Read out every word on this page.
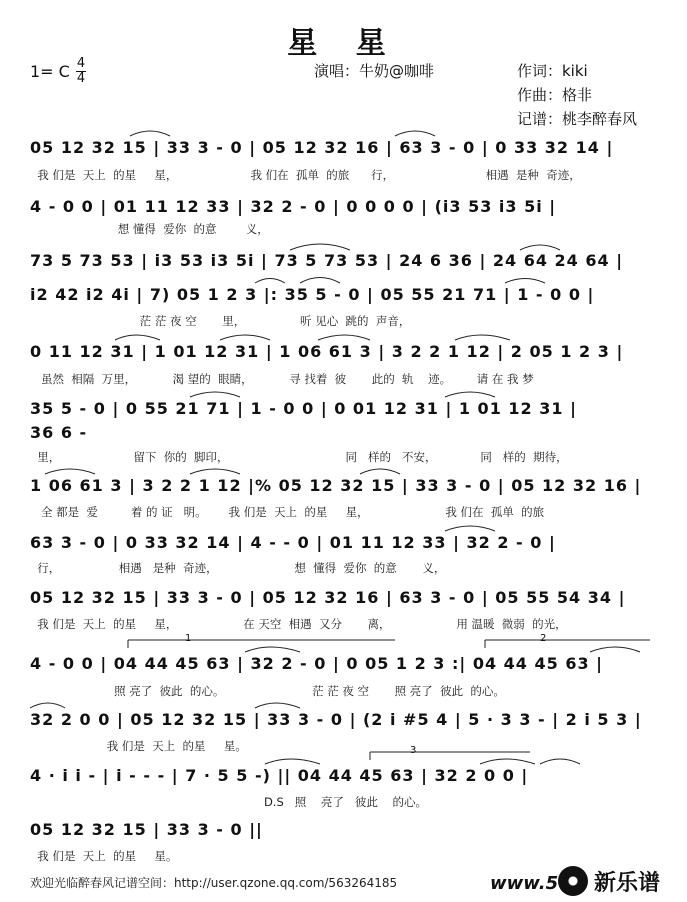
星 星
1= C 4
4	演唱：牛奶@咖啡	作词：kiki
作曲：格非
记谱：桃李醉春风
05 12 32 15 | 33 3 - 0 | 05 12 32 16 | 63 3 - 0 | 0 33 32 14 |
我 们是  天上  的星     星，                    我 们在  孤单  的旅      行，                         相遇  是种  奇迹，
4 - 0 0 | 01 11 12 33 | 32 2 - 0 | 0 0 0 0 | (i3 53 i3 5i |
想 懂得  爱你  的意        义，
73 5 73 53 | i3 53 i3 5i | 73 5 73 53 | 24 6 36 | 24 64 24 64 |
i2 42 i2 4i | 7) 05 1 2 3 |: 35 5 - 0 | 05 55 21 71 | 1 - 0 0 |
茫 茫 夜 空       里，               听 见心  跳的  声音，
0 11 12 31 | 1 01 12 31 | 1 06 61 3 | 3 2 2 1 12 | 2 05 1 2 3 |
虽然  相隔  万里，          渴 望的  眼睛，          寻 找着  彼       此的  轨    迹。       请 在 我 梦
35 5 - 0 | 0 55 21 71 | 1 - 0 0 | 0 01 12 31 | 1 01 12 31 |
36 6 -
里，                    留下  你的  脚印，                                同   样的   不安，            同   样的  期待，
1 06 61 3 | 3 2 2 1 12 |% 05 12 32 15 | 33 3 - 0 | 05 12 32 16 |
全 都是  爱         着 的 证   明。      我 们是  天上  的星     星，                     我 们在  孤单  的旅
63 3 - 0 | 0 33 32 14 | 4 - - 0 | 01 11 12 33 | 32 2 - 0 |
行，                相遇   是种  奇迹，                     想  懂得  爱你  的意       义，
05 12 32 15 | 33 3 - 0 | 05 12 32 16 | 63 3 - 0 | 05 55 54 34 |
我 们是  天上  的星     星，                  在 天空  相遇  又分       离，                  用 温暖  微弱  的光，
4 - 0 0 | 04 44 45 63 | 32 2 - 0 | 0 05 1 2 3 :| 04 44 45 63 |
照 亮了  彼此  的心。                        茫 茫 夜 空       照 亮了  彼此  的心。
32 2 0 0 | 05 12 32 15 | 33 3 - 0 | (2 i #5 4 | 5 · 3 3 - | 2 i 5 3 |
我 们是  天上  的星     星。
4 · i i - | i - - - | 7 · 5 5 -) || 04 44 45 63 | 32 2 0 0 |
D.S   照    亮了   彼此    的心。
05 12 32 15 | 33 3 - 0 ||
我 们是  天上  的星     星。
1	2
3
欢迎光临醉春风记谱空间：http://user.qzone.qq.com/563264185	www.5 新乐谱
